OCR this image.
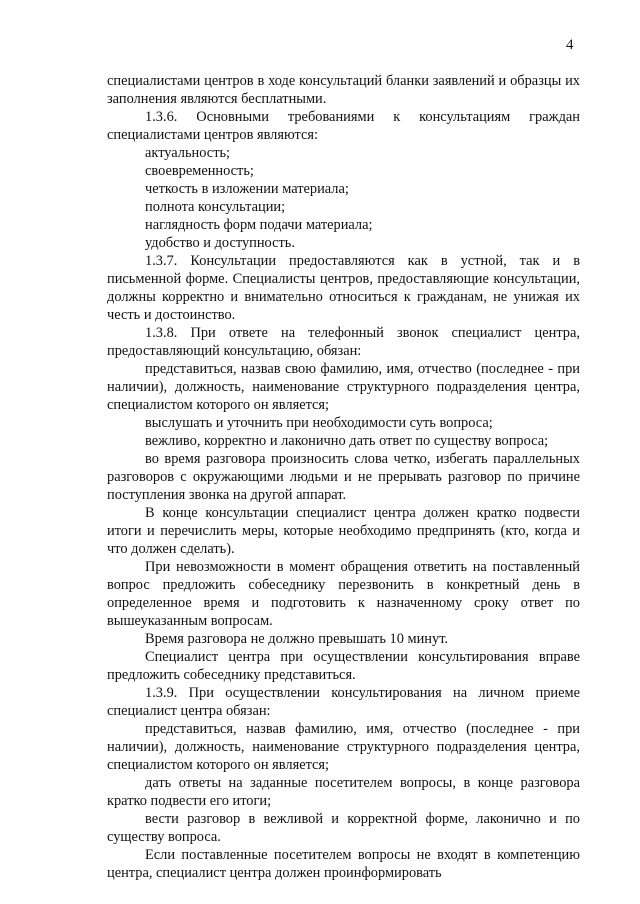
4

специалистами центров в ходе консультаций бланки заявлений и образцы их заполнения являются бесплатными.

1.3.6. Основными требованиями к консультациям граждан специалистами центров являются:

актуальность;

своевременность;

четкость в изложении материала;

полнота консультации;

наглядность форм подачи материала;

удобство и доступность.

1.3.7. Консультации предоставляются как в устной, так и в письменной форме. Специалисты центров, предоставляющие консультации, должны корректно и внимательно относиться к гражданам, не унижая их честь и достоинство.

1.3.8. При ответе на телефонный звонок специалист центра, предоставляющий консультацию, обязан:

представиться, назвав свою фамилию, имя, отчество (последнее - при наличии), должность, наименование структурного подразделения центра, специалистом которого он является;

выслушать и уточнить при необходимости суть вопроса;

вежливо, корректно и лаконично дать ответ по существу вопроса;

во время разговора произносить слова четко, избегать параллельных разговоров с окружающими людьми и не прерывать разговор по причине поступления звонка на другой аппарат.

В конце консультации специалист центра должен кратко подвести итоги и перечислить меры, которые необходимо предпринять (кто, когда и что должен сделать).

При невозможности в момент обращения ответить на поставленный вопрос предложить собеседнику перезвонить в конкретный день в определенное время и подготовить к назначенному сроку ответ по вышеуказанным вопросам.

Время разговора не должно превышать 10 минут.

Специалист центра при осуществлении консультирования вправе предложить собеседнику представиться.

1.3.9. При осуществлении консультирования на личном приеме специалист центра обязан:

представиться, назвав фамилию, имя, отчество (последнее - при наличии), должность, наименование структурного подразделения центра, специалистом которого он является;

дать ответы на заданные посетителем вопросы, в конце разговора кратко подвести его итоги;

вести разговор в вежливой и корректной форме, лаконично и по существу вопроса.

Если поставленные посетителем вопросы не входят в компетенцию центра, специалист центра должен проинформировать
